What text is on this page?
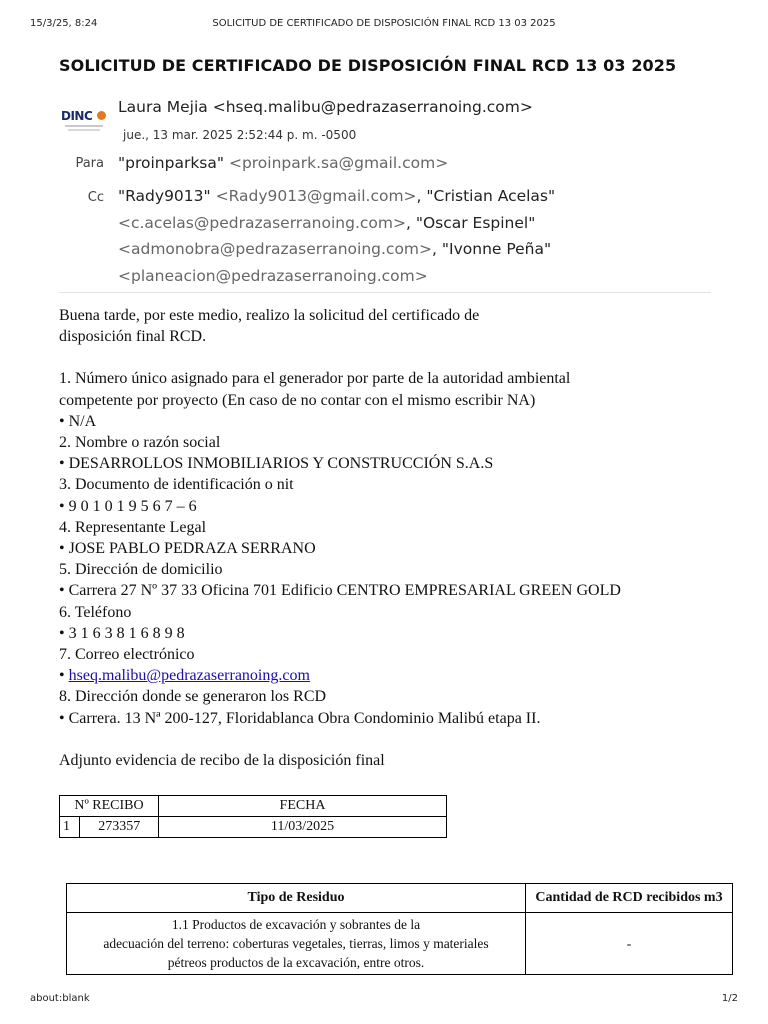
15/3/25, 8:24	SOLICITUD DE CERTIFICADO DE DISPOSICIÓN FINAL RCD 13 03 2025
SOLICITUD DE CERTIFICADO DE DISPOSICIÓN FINAL RCD 13 03 2025
DINC Laura Mejia <hseq.malibu@pedrazaserranoing.com>
jue., 13 mar. 2025 2:52:44 p. m. -0500
Para "proinparksa" <proinpark.sa@gmail.com>
Cc "Rady9013" <Rady9013@gmail.com>, "Cristian Acelas"
<c.acelas@pedrazaserranoing.com>, "Oscar Espinel"
<admonobra@pedrazaserranoing.com>, "Ivonne Peña"
<planeacion@pedrazaserranoing.com>

Buena tarde, por este medio, realizo la solicitud del certificado de

disposición final RCD.

1. Número único asignado para el generador por parte de la autoridad ambiental

competente por proyecto (En caso de no contar con el mismo escribir NA)

• N/A

2. Nombre o razón social

• DESARROLLOS INMOBILIARIOS Y CONSTRUCCIÓN S.A.S

3. Documento de identificación o nit

• 9 0 1 0 1 9 5 6 7 – 6

4. Representante Legal

• JOSE PABLO PEDRAZA SERRANO

5. Dirección de domicilio

• Carrera 27 Nº 37 33 Oficina 701 Edificio CENTRO EMPRESARIAL GREEN GOLD

6. Teléfono

• 3 1 6 3 8 1 6 8 9 8

7. Correo electrónico

• hseq.malibu@pedrazaserranoing.com

8. Dirección donde se generaron los RCD

• Carrera. 13 Nª 200-127, Floridablanca Obra Condominio Malibú etapa II.

Adjunto evidencia de recibo de la disposición final

Nº RECIBO		FECHA
1	273357	11/03/2025
Tipo de Residuo	Cantidad de RCD recibidos m3

1.1 Productos de excavación y sobrantes de la
adecuación del terreno: coberturas vegetales, tierras, limos y materiales
pétreos productos de la excavación, entre otros.	-
about:blank	1/2
